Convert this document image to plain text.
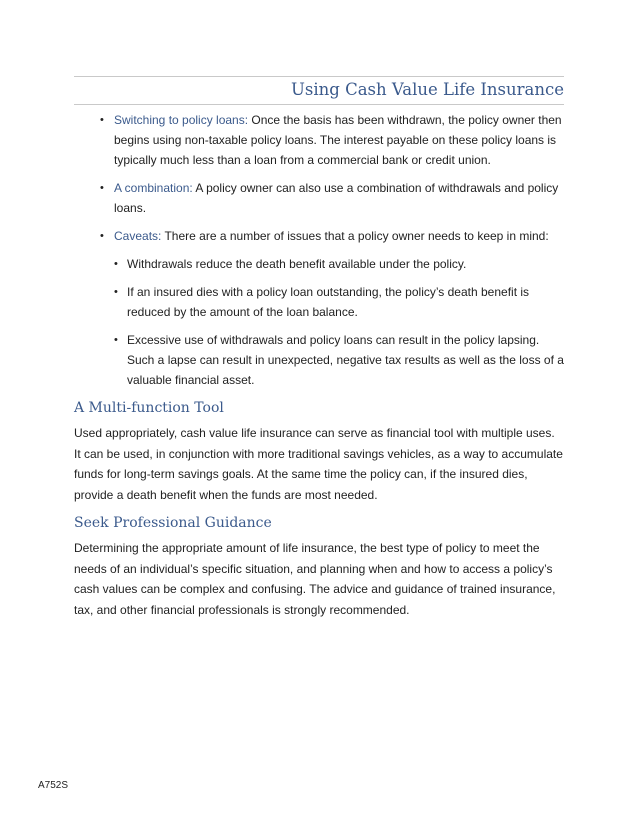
Using Cash Value Life Insurance
• Switching to policy loans: Once the basis has been withdrawn, the policy owner then begins using non-taxable policy loans. The interest payable on these policy loans is typically much less than a loan from a commercial bank or credit union.
• A combination: A policy owner can also use a combination of withdrawals and policy loans.
• Caveats: There are a number of issues that a policy owner needs to keep in mind:
• Withdrawals reduce the death benefit available under the policy.
• If an insured dies with a policy loan outstanding, the policy’s death benefit is reduced by the amount of the loan balance.
• Excessive use of withdrawals and policy loans can result in the policy lapsing. Such a lapse can result in unexpected, negative tax results as well as the loss of a valuable financial asset.
A Multi-function Tool

Used appropriately, cash value life insurance can serve as financial tool with multiple uses. It can be used, in conjunction with more traditional savings vehicles, as a way to accumulate funds for long-term savings goals. At the same time the policy can, if the insured dies, provide a death benefit when the funds are most needed.

Seek Professional Guidance

Determining the appropriate amount of life insurance, the best type of policy to meet the needs of an individual’s specific situation, and planning when and how to access a policy’s cash values can be complex and confusing. The advice and guidance of trained insurance, tax, and other financial professionals is strongly recommended.

A752S
